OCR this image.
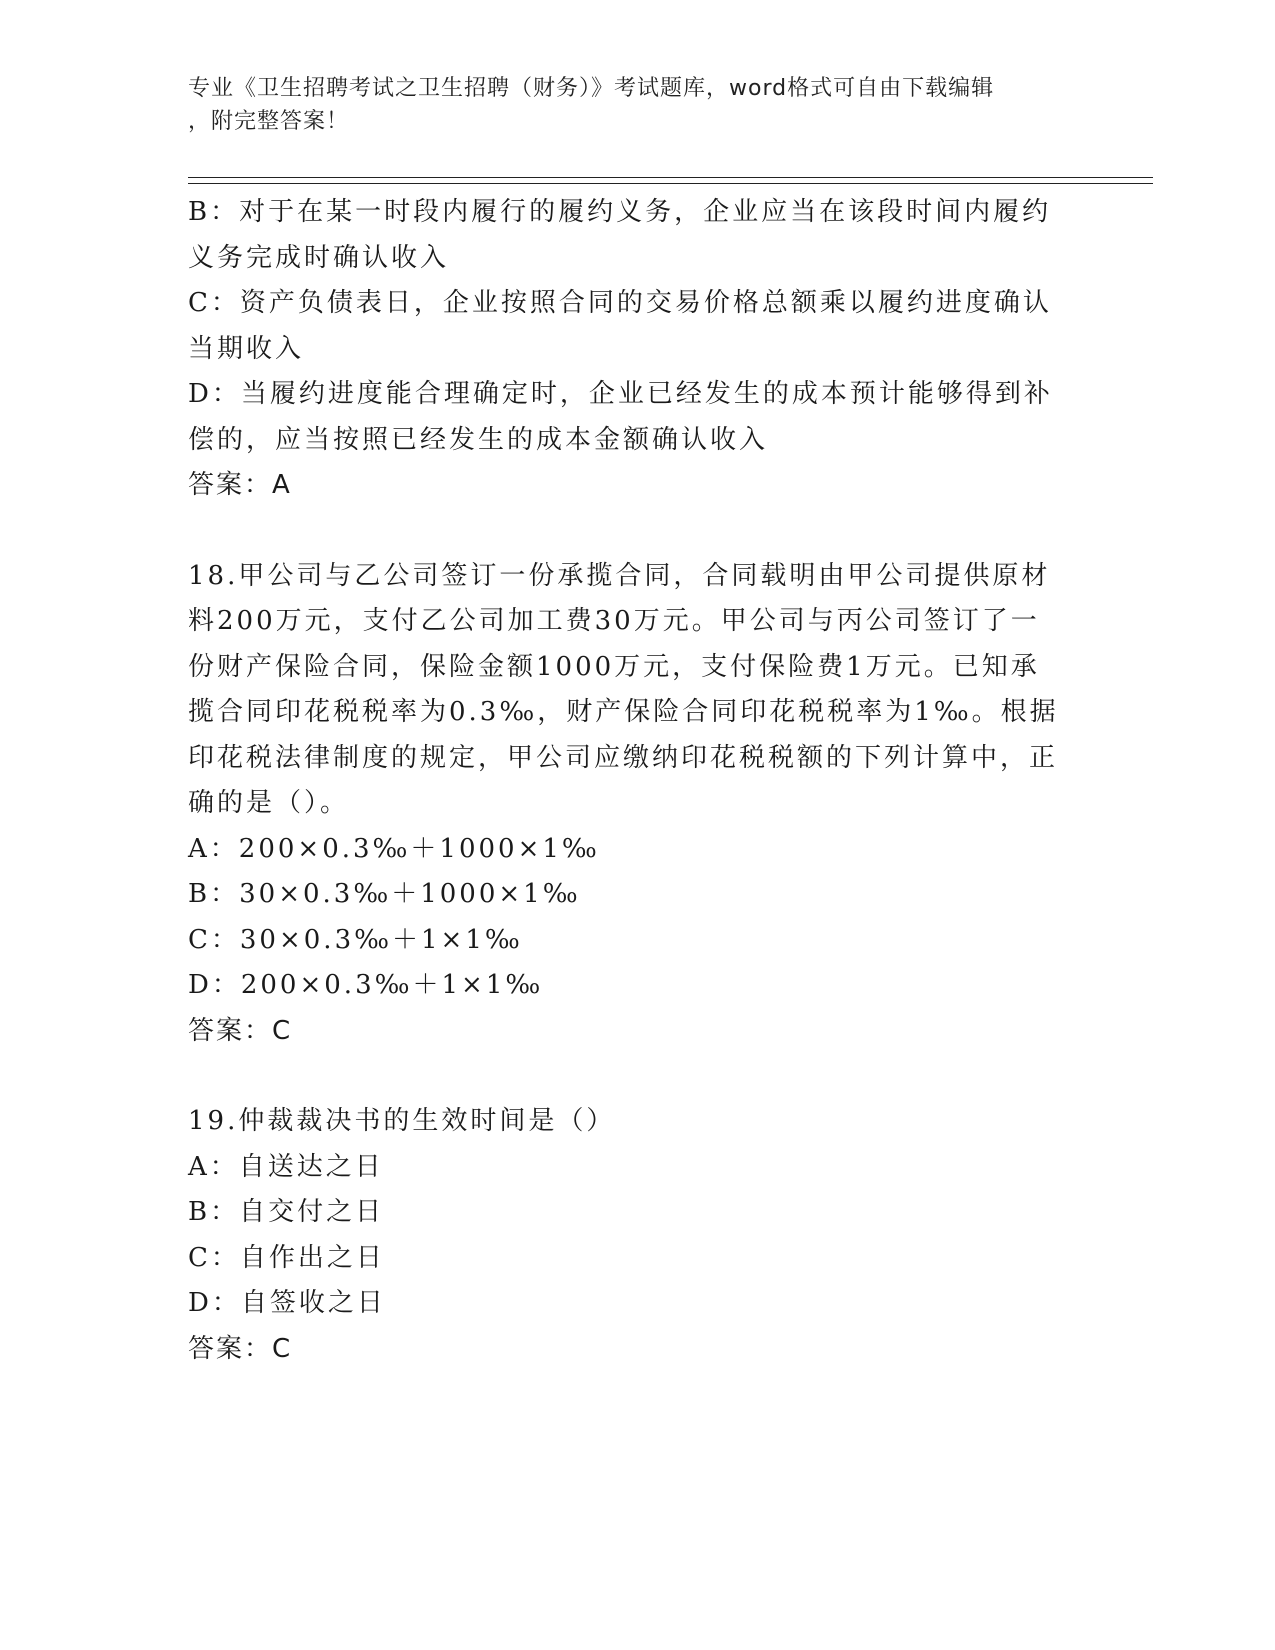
专业《卫生招聘考试之卫生招聘（财务）》考试题库，word格式可自由下载编辑
，附完整答案！

B：对于在某一时段内履行的履约义务，企业应当在该段时间内履约义务完成时确认收入

C：资产负债表日，企业按照合同的交易价格总额乘以履约进度确认当期收入

D：当履约进度能合理确定时，企业已经发生的成本预计能够得到补偿的，应当按照已经发生的成本金额确认收入

答案：A

18.甲公司与乙公司签订一份承揽合同，合同载明由甲公司提供原材料200万元，支付乙公司加工费30万元。甲公司与丙公司签订了一份财产保险合同，保险金额1000万元，支付保险费1万元。已知承揽合同印花税税率为0.3‰，财产保险合同印花税税率为1‰。根据印花税法律制度的规定，甲公司应缴纳印花税税额的下列计算中，正确的是（）。

A：200×0.3‰＋1000×1‰

B：30×0.3‰＋1000×1‰

C：30×0.3‰＋1×1‰

D：200×0.3‰＋1×1‰

答案：C

19.仲裁裁决书的生效时间是（）

A：自送达之日

B：自交付之日

C：自作出之日

D：自签收之日

答案：C
